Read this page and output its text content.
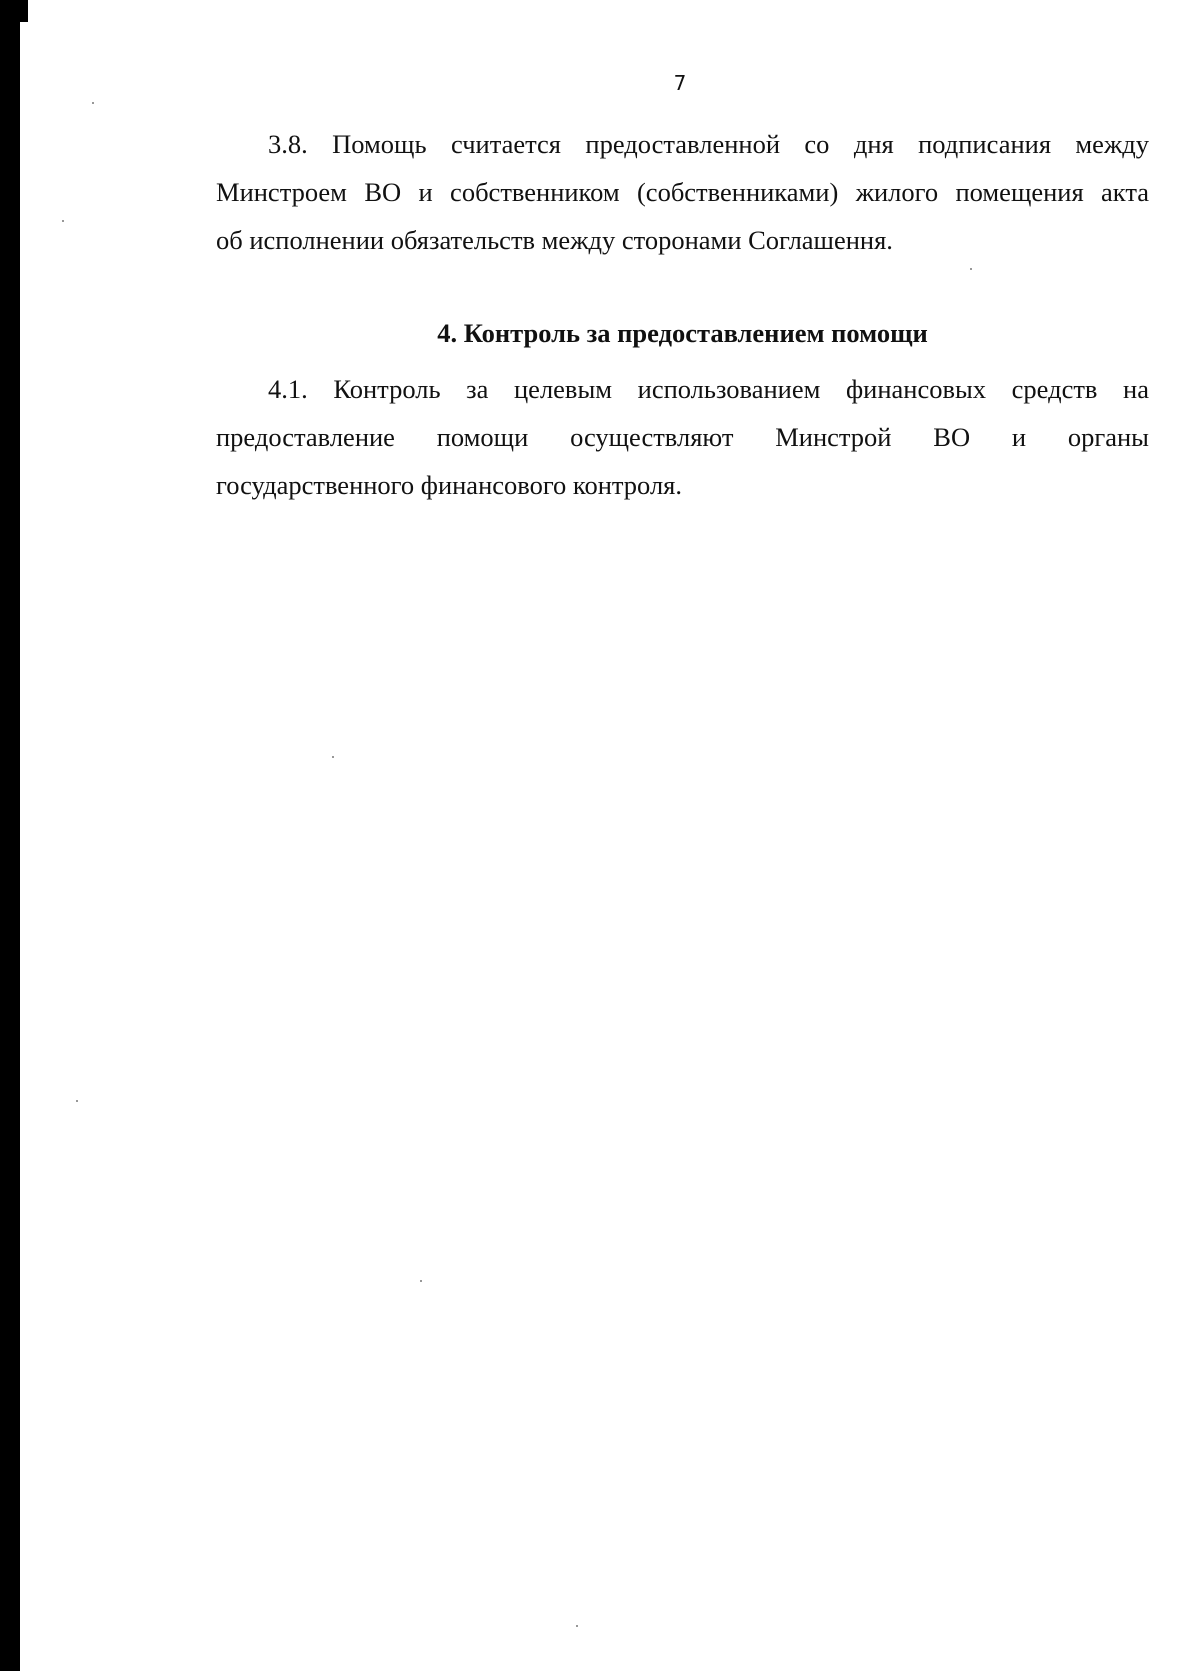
7
3.8. Помощь считается предоставленной со дня подписания между
Минстроем ВО и собственником (собственниками) жилого помещения акта
об исполнении обязательств между сторонами Соглашення.
4. Контроль за предоставлением помощи
4.1. Контроль за целевым использованием финансовых средств на
предоставление помощи осуществляют Минстрой ВО и органы
государственного финансового контроля.
